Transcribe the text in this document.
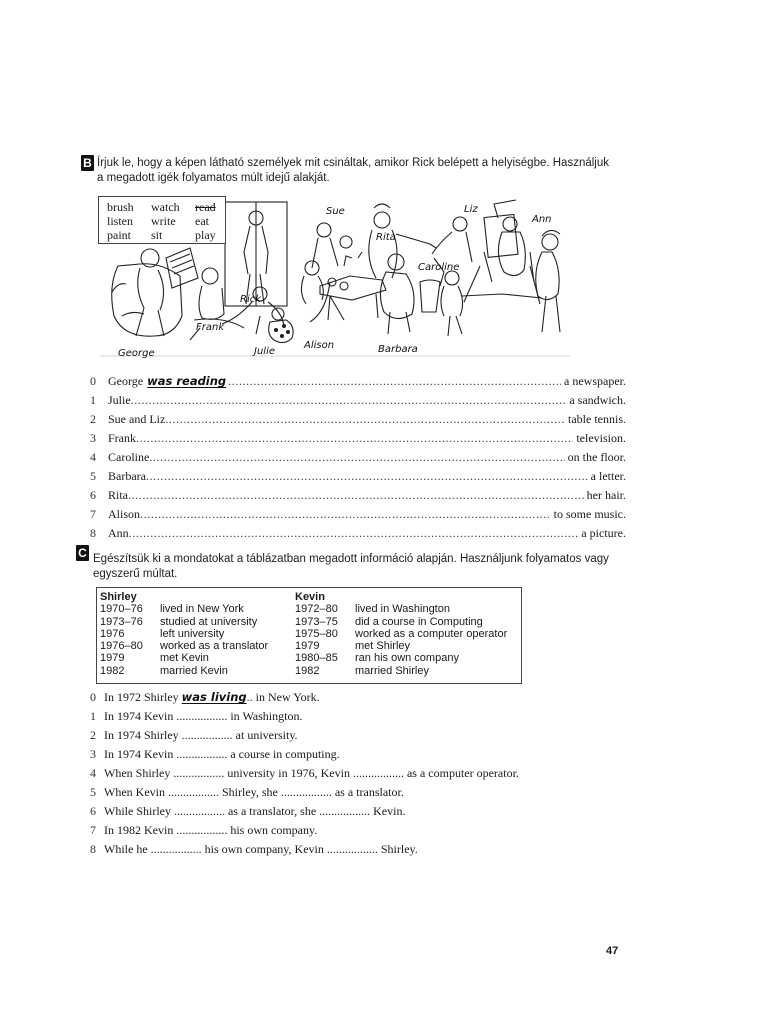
B Írjuk le, hogy a képen látható személyek mit csináltak, amikor Rick belépett a helyiségbe. Használjuk
a megadott igék folyamatos múlt idejű alakját.
Sue	Liz
Ann
Rita
Caroline
Rick
Frank
George	Julie
Alison	Barbara
brush	watch	read
listen	write	eat
paint	sit	play
0	George was reading .....	a newspaper.
1	Julie .....	a sandwich.
2	Sue and Liz .....	table tennis.
3	Frank .....	television.
4	Caroline .....	on the floor.
5	Barbara .....	a letter.
6	Rita .....	her hair.
7	Alison .....	to some music.
8	Ann .....	a picture.
C Egészítsük ki a mondatokat a táblázatban megadott információ alapján. Használjunk folyamatos vagy
egyszerű múltat.
Shirley
1970–76	lived in New York
1973–76	studied at university
1976	left university
1976–80	worked as a translator
1979	met Kevin
1982	married Kevin
Kevin
1972–80	lived in Washington
1973–75	did a course in Computing
1975–80	worked as a computer operator
1979	met Shirley
1980–85	ran his own company
1982	married Shirley
0 In 1972 Shirley was living.. in New York.
1 In 1974 Kevin ................. in Washington.
2 In 1974 Shirley ................. at university.
3 In 1974 Kevin ................. a course in computing.
4 When Shirley ................. university in 1976, Kevin ................. as a computer operator.
5 When Kevin ................. Shirley, she ................. as a translator.
6 While Shirley ................. as a translator, she ................. Kevin.
7 In 1982 Kevin ................. his own company.
8 While he ................. his own company, Kevin ................. Shirley.
47
